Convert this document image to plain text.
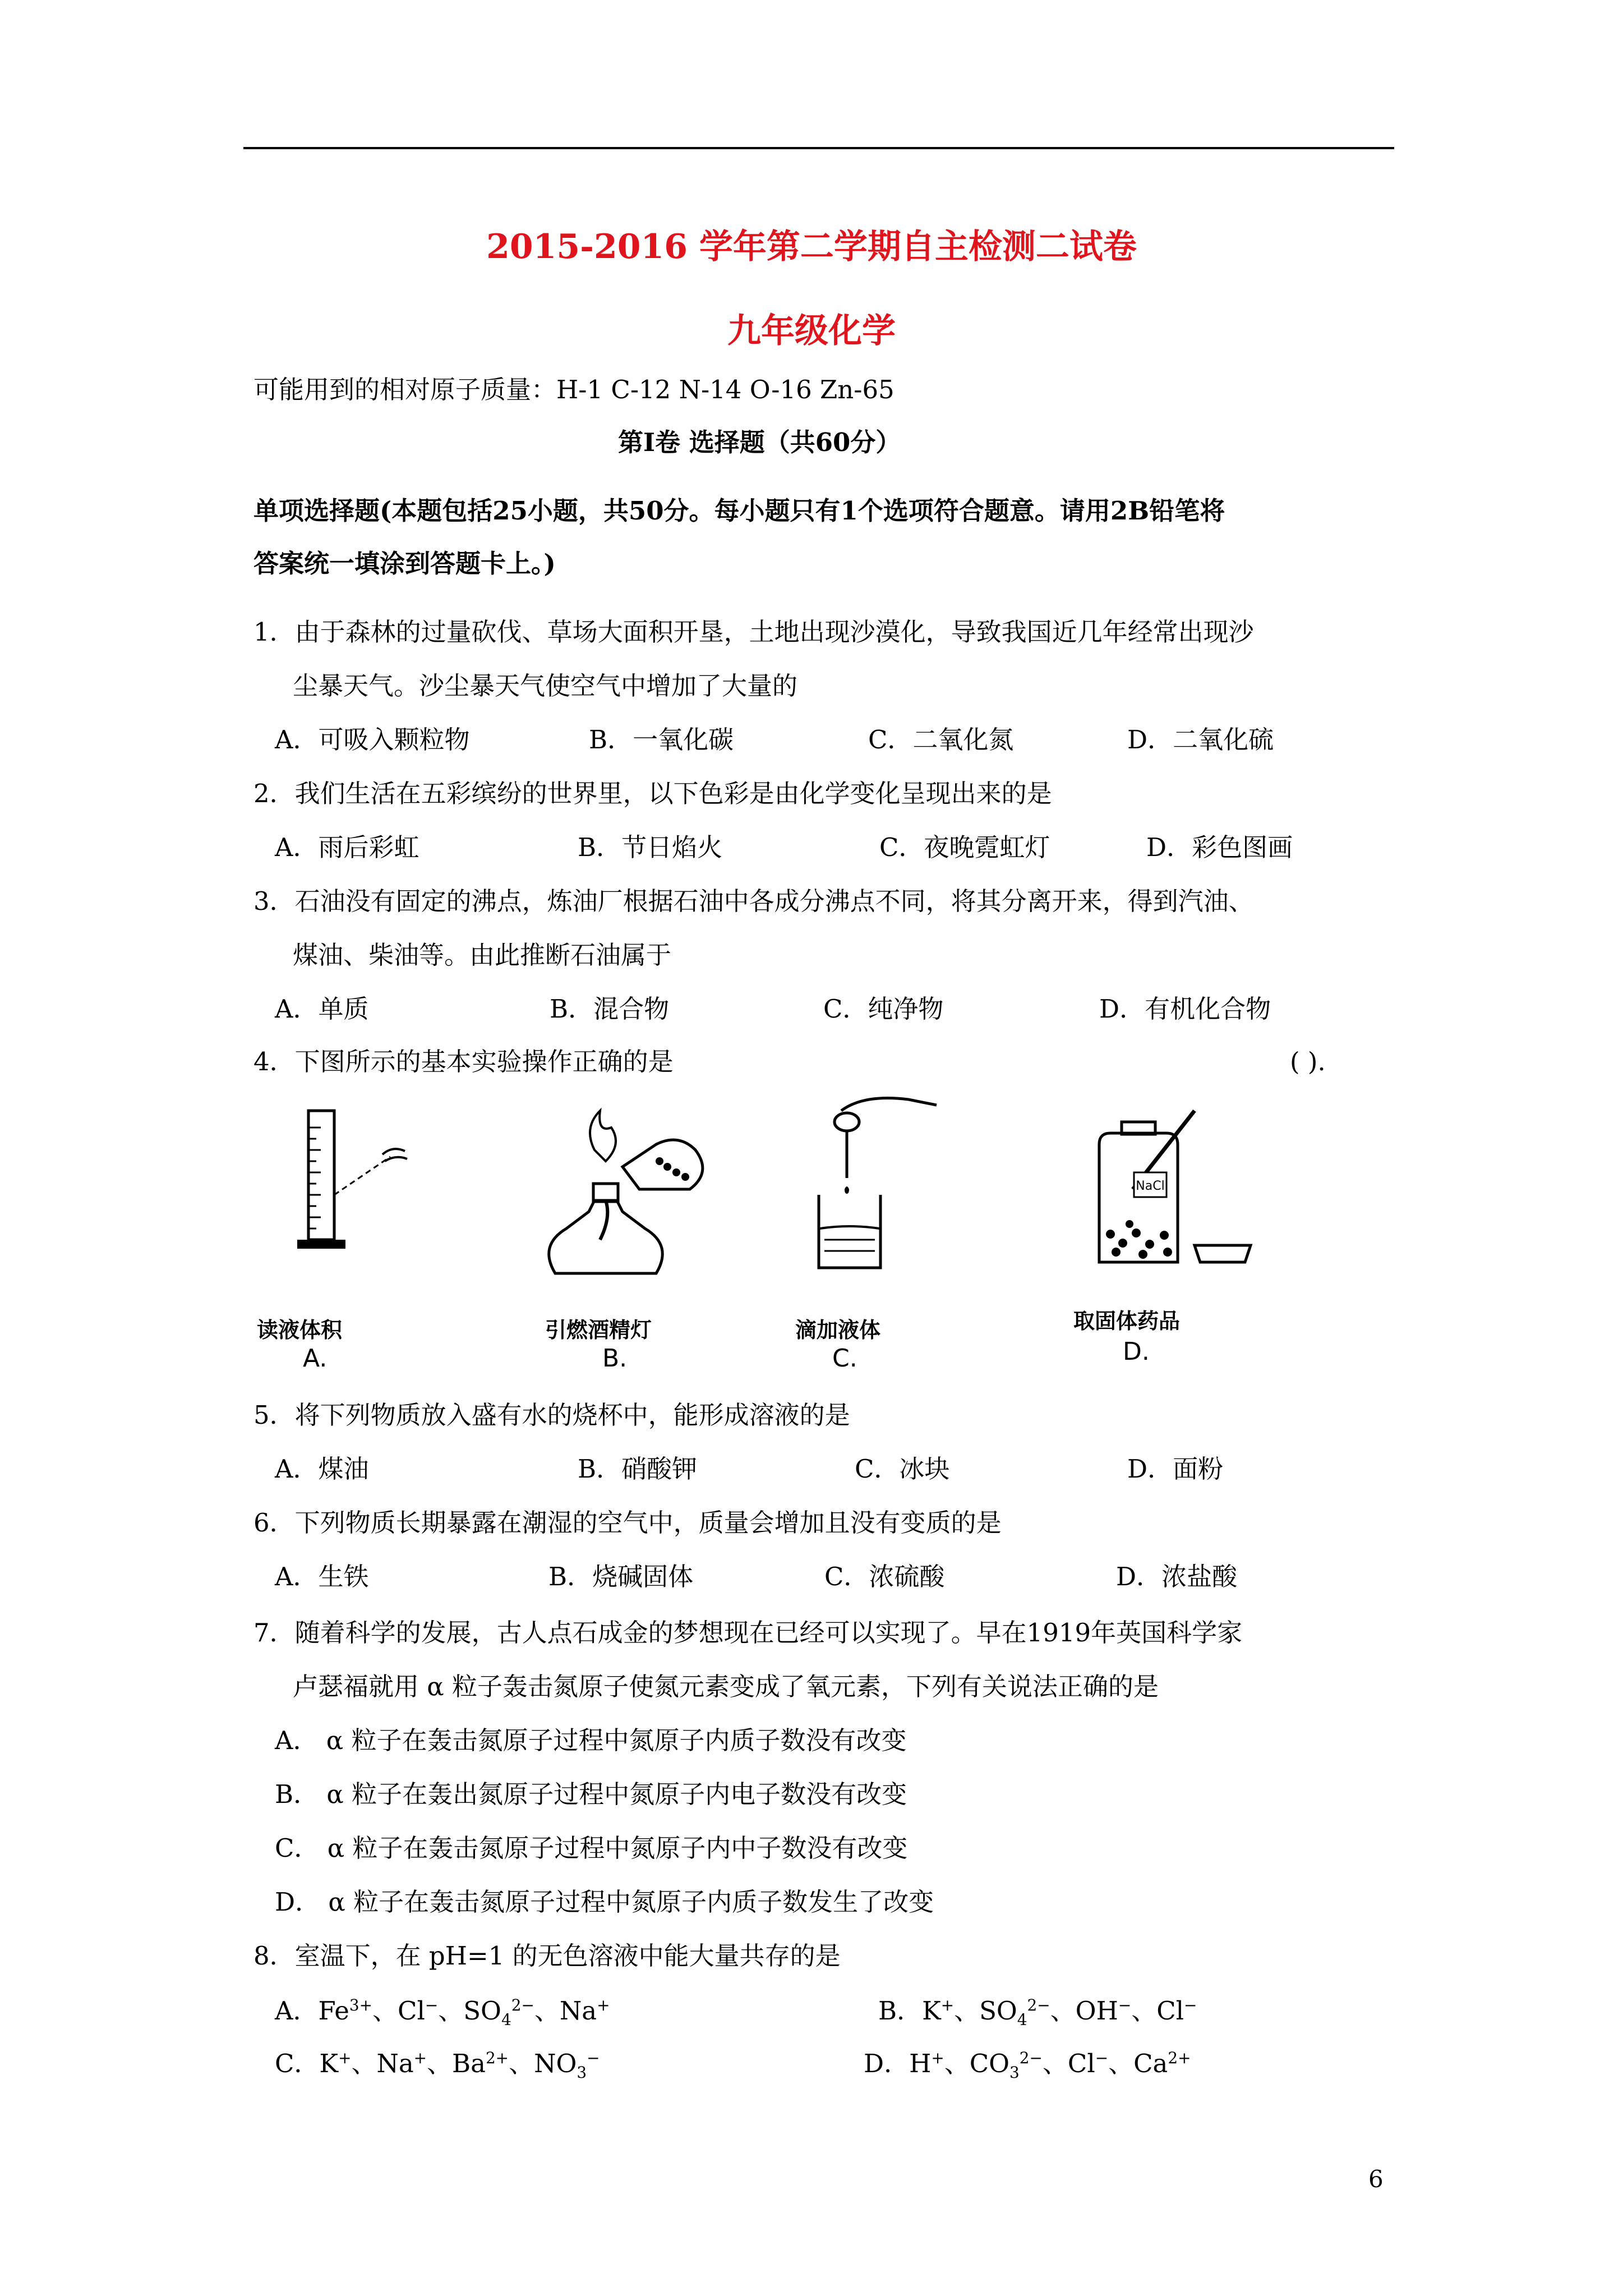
2015-2016 学年第二学期自主检测二试卷
九年级化学
可能用到的相对原子质量：H-1 C-12 N-14 O-16 Zn-65
第Ⅰ卷 选择题（共60分）
单项选择题(本题包括25小题，共50分。每小题只有1个选项符合题意。请用2B铅笔将
答案统一填涂到答题卡上。)
1．由于森林的过量砍伐、草场大面积开垦，土地出现沙漠化，导致我国近几年经常出现沙
尘暴天气。沙尘暴天气使空气中增加了大量的
A．可吸入颗粒物	B．一氧化碳	C．二氧化氮	D．二氧化硫
2．我们生活在五彩缤纷的世界里，以下色彩是由化学变化呈现出来的是
A．雨后彩虹	B．节日焰火	C．夜晚霓虹灯	D．彩色图画
3．石油没有固定的沸点，炼油厂根据石油中各成分沸点不同，将其分离开来，得到汽油、
煤油、柴油等。由此推断石油属于
A．单质	B．混合物	C．纯净物	D．有机化合物
4．下图所示的基本实验操作正确的是	( ).
读液体积
A.
引燃酒精灯
B.
滴加液体
C.
NaCl
取固体药品
D.
5．将下列物质放入盛有水的烧杯中，能形成溶液的是
A．煤油	B．硝酸钾	C．冰块	D．面粉
6．下列物质长期暴露在潮湿的空气中，质量会增加且没有变质的是
A．生铁	B．烧碱固体	C．浓硫酸	D．浓盐酸
7．随着科学的发展，古人点石成金的梦想现在已经可以实现了。早在1919年英国科学家
卢瑟福就用 α 粒子轰击氮原子使氮元素变成了氧元素，下列有关说法正确的是
A． α 粒子在轰击氮原子过程中氮原子内质子数没有改变
B． α 粒子在轰出氮原子过程中氮原子内电子数没有改变
C． α 粒子在轰击氮原子过程中氮原子内中子数没有改变
D． α 粒子在轰击氮原子过程中氮原子内质子数发生了改变
8．室温下，在 pH=1 的无色溶液中能大量共存的是
A．$Fe^{3+}$、Cl−、$SO_4^{2-}$、Na+	B．K+、$SO_4^{2-}$、OH−、Cl−
C．K+、Na+、$Ba^{2+}$、$NO_3^-$	D．H+、$CO_3^{2-}$、Cl−、$Ca^{2+}$
6
